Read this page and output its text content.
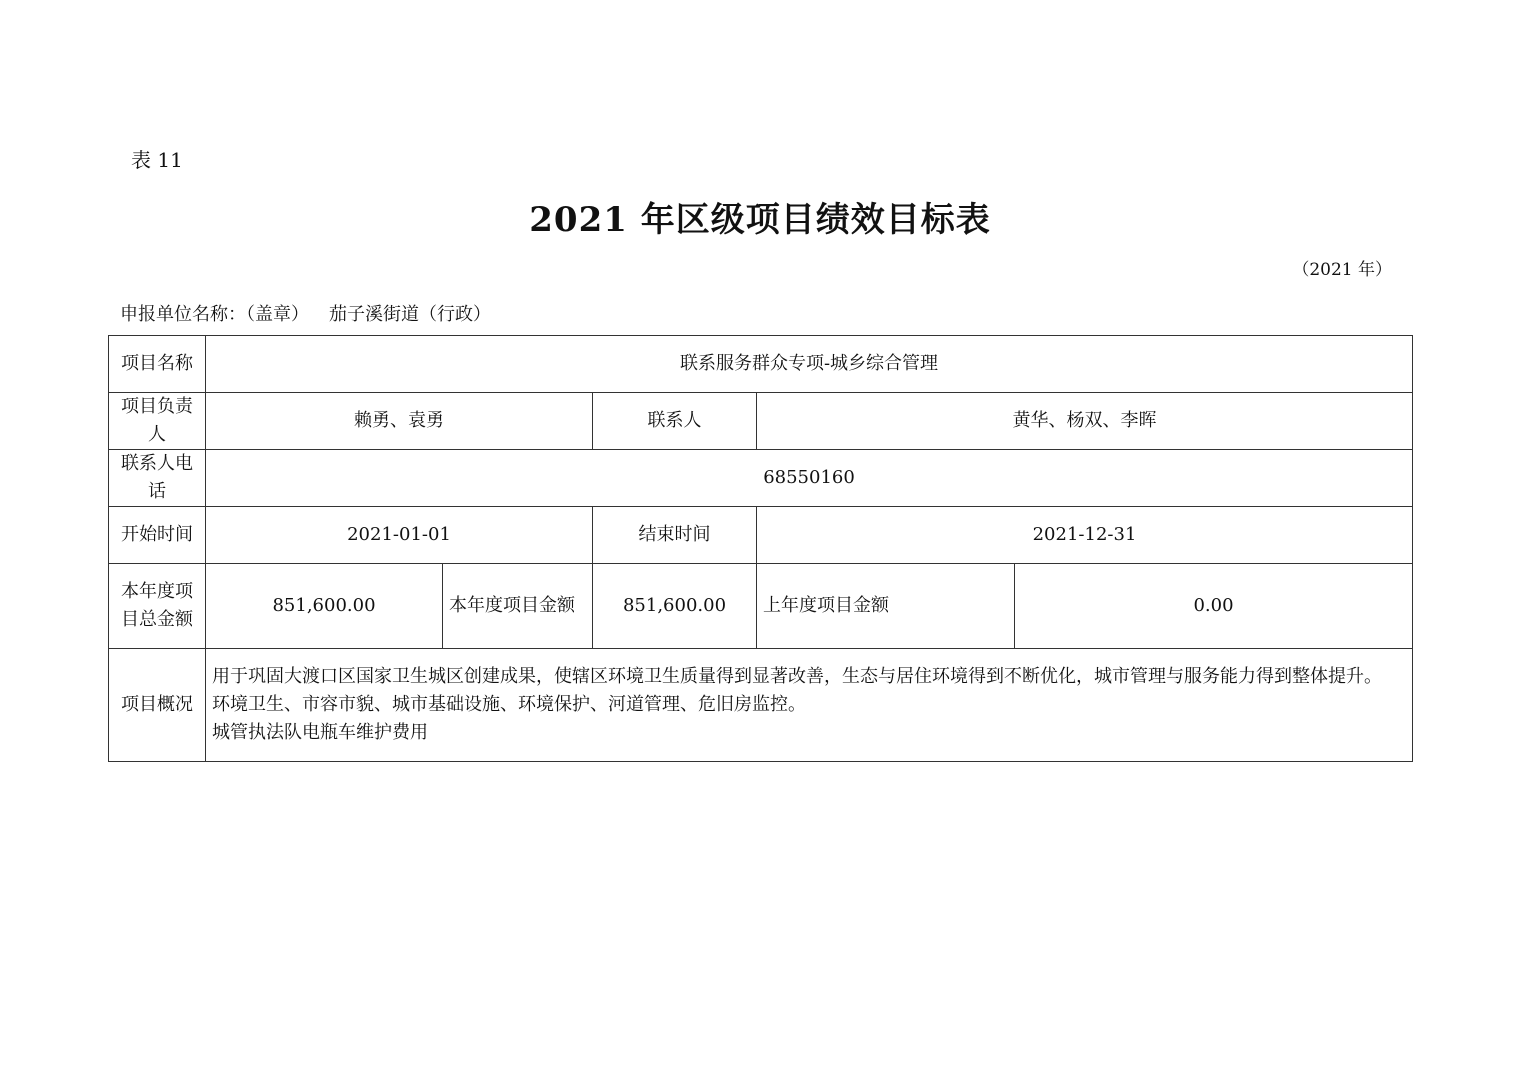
表 11
2021 年区级项目绩效目标表
（2021 年）
申报单位名称：（盖章） 茄子溪街道（行政）
项目名称	联系服务群众专项-城乡综合管理				
项目负责人	赖勇、袁勇		联系人	黄华、杨双、李晖	
联系人电话	68550160				
开始时间	2021-01-01		结束时间	2021-12-31	
本年度项目总金额	851,600.00	本年度项目金额	851,600.00	上年度项目金额	0.00
项目概况	用于巩固大渡口区国家卫生城区创建成果，使辖区环境卫生质量得到显著改善，生态与居住环境得到不断优化，城市管理与服务能力得到整体提升。
环境卫生、市容市貌、城市基础设施、环境保护、河道管理、危旧房监控。
城管执法队电瓶车维护费用				
